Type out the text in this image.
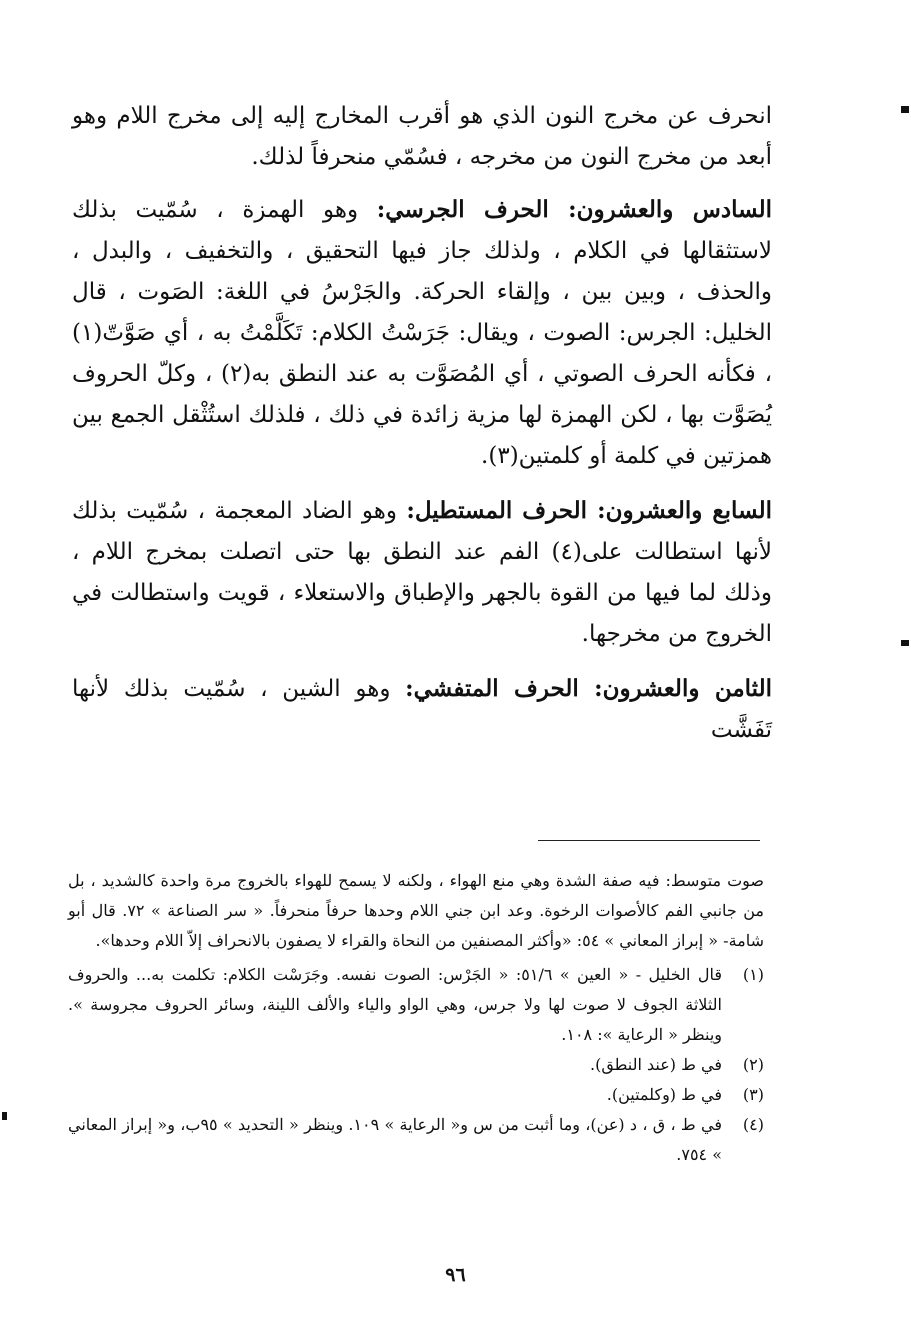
انحرف عن مخرج النون الذي هو أقرب المخارج إليه إلى مخرج اللام وهو أبعد من مخرج النون من مخرجه ، فسُمّي منحرفاً لذلك.

السادس والعشرون: الحرف الجرسي: وهو الهمزة ، سُمّيت بذلك لاستثقالها في الكلام ، ولذلك جاز فيها التحقيق ، والتخفيف ، والبدل ، والحذف ، وبين بين ، وإلقاء الحركة. والجَرْسُ في اللغة: الصَوت ، قال الخليل: الجرس: الصوت ، ويقال: جَرَسْتُ الكلام: تَكَلَّمْتُ به ، أي صَوَّتّ(١) ، فكأنه الحرف الصوتي ، أي المُصَوَّت به عند النطق به(٢) ، وكلّ الحروف يُصَوَّت بها ، لكن الهمزة لها مزية زائدة في ذلك ، فلذلك استُثْقل الجمع بين همزتين في كلمة أو كلمتين(٣).

السابع والعشرون: الحرف المستطيل: وهو الضاد المعجمة ، سُمّيت بذلك لأنها استطالت على(٤) الفم عند النطق بها حتى اتصلت بمخرج اللام ، وذلك لما فيها من القوة بالجهر والإطباق والاستعلاء ، قويت واستطالت في الخروج من مخرجها.

الثامن والعشرون: الحرف المتفشي: وهو الشين ، سُمّيت بذلك لأنها تَفَشَّت

صوت متوسط: فيه صفة الشدة وهي منع الهواء ، ولكنه لا يسمح للهواء بالخروج مرة واحدة كالشديد ، بل من جانبي الفم كالأصوات الرخوة. وعد ابن جني اللام وحدها حرفاً منحرفاً. « سر الصناعة » ٧٢. قال أبو شامة- « إبراز المعاني » ٥٤: «وأكثر المصنفين من النحاة والقراء لا يصفون بالانحراف إلاّ اللام وحدها».

(١)
قال الخليل - « العين » ٥١/٦: « الجَرْس: الصوت نفسه. وجَرَسْت الكلام: تكلمت به... والحروف الثلاثة الجوف لا صوت لها ولا جرس، وهي الواو والياء والألف اللينة، وسائر الحروف مجروسة ». وينظر « الرعاية »: ١٠٨.
(٢)
في ط (عند النطق).
(٣)
في ط (وكلمتين).
(٤)
في ط ، ق ، د (عن)، وما أثبت من س و« الرعاية » ١٠٩. وينظر « التحديد » ٩٥ب، و« إبراز المعاني » ٧٥٤.
٩٦
